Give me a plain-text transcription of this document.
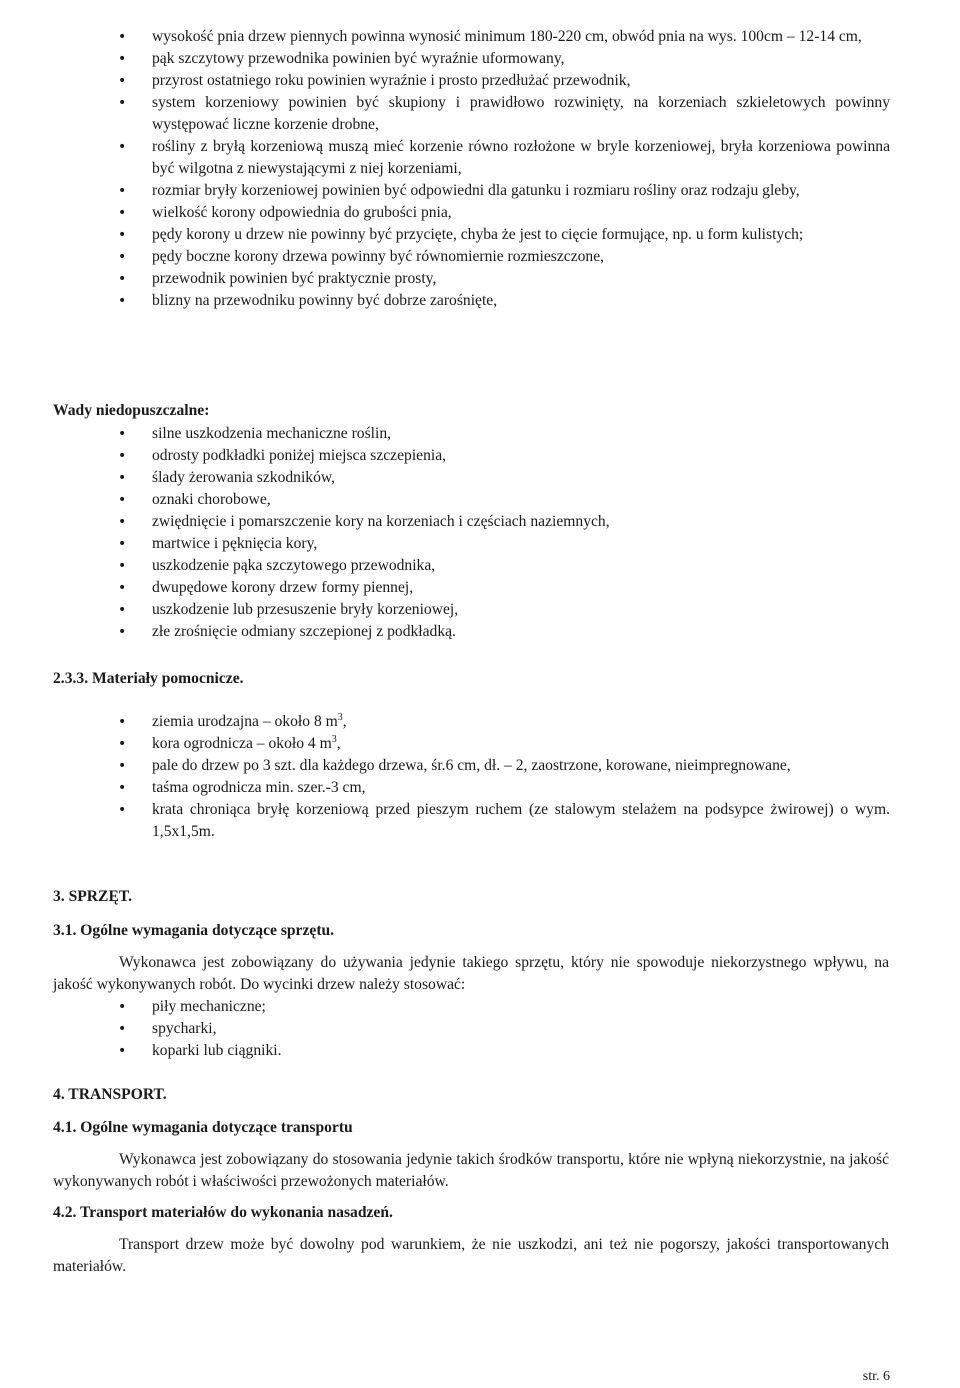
• wysokość pnia drzew piennych powinna wynosić minimum 180-220 cm, obwód pnia na wys. 100cm – 12-14 cm,
• pąk szczytowy przewodnika powinien być wyraźnie uformowany,
• przyrost ostatniego roku powinien wyraźnie i prosto przedłużać przewodnik,
• system korzeniowy powinien być skupiony i prawidłowo rozwinięty, na korzeniach szkieletowych powinny występować liczne korzenie drobne,
• rośliny z bryłą korzeniową muszą mieć korzenie równo rozłożone w bryle korzeniowej, bryła korzeniowa powinna być wilgotna z niewystającymi z niej korzeniami,
• rozmiar bryły korzeniowej powinien być odpowiedni dla gatunku i rozmiaru rośliny oraz rodzaju gleby,
• wielkość korony odpowiednia do grubości pnia,
• pędy korony u drzew nie powinny być przycięte, chyba że jest to cięcie formujące, np. u form kulistych;
• pędy boczne korony drzewa powinny być równomiernie rozmieszczone,
• przewodnik powinien być praktycznie prosty,
• blizny na przewodniku powinny być dobrze zarośnięte,
Wady niedopuszczalne:
• silne uszkodzenia mechaniczne roślin,
• odrosty podkładki poniżej miejsca szczepienia,
• ślady żerowania szkodników,
• oznaki chorobowe,
• zwiędnięcie i pomarszczenie kory na korzeniach i częściach naziemnych,
• martwice i pęknięcia kory,
• uszkodzenie pąka szczytowego przewodnika,
• dwupędowe korony drzew formy piennej,
• uszkodzenie lub przesuszenie bryły korzeniowej,
• złe zrośnięcie odmiany szczepionej z podkładką.
2.3.3. Materiały pomocnicze.
• ziemia urodzajna – około 8 $m^3$,
• kora ogrodnicza – około 4 $m^3$,
• pale do drzew po 3 szt. dla każdego drzewa, śr.6 cm, dł. – 2, zaostrzone, korowane, nieimpregnowane,
• taśma ogrodnicza min. szer.-3 cm,
• krata chroniąca bryłę korzeniową przed pieszym ruchem (ze stalowym stelażem na podsypce żwirowej) o wym. 1,5x1,5m.
3. SPRZĘT.
3.1. Ogólne wymagania dotyczące sprzętu.
Wykonawca jest zobowiązany do używania jedynie takiego sprzętu, który nie spowoduje niekorzystnego wpływu, na jakość wykonywanych robót. Do wycinki drzew należy stosować:
• piły mechaniczne;
• spycharki,
• koparki lub ciągniki.
4. TRANSPORT.
4.1. Ogólne wymagania dotyczące transportu
Wykonawca jest zobowiązany do stosowania jedynie takich środków transportu, które nie wpłyną niekorzystnie, na jakość wykonywanych robót i właściwości przewożonych materiałów.
4.2. Transport materiałów do wykonania nasadzeń.
Transport drzew może być dowolny pod warunkiem, że nie uszkodzi, ani też nie pogorszy, jakości transportowanych materiałów.
str. 6
